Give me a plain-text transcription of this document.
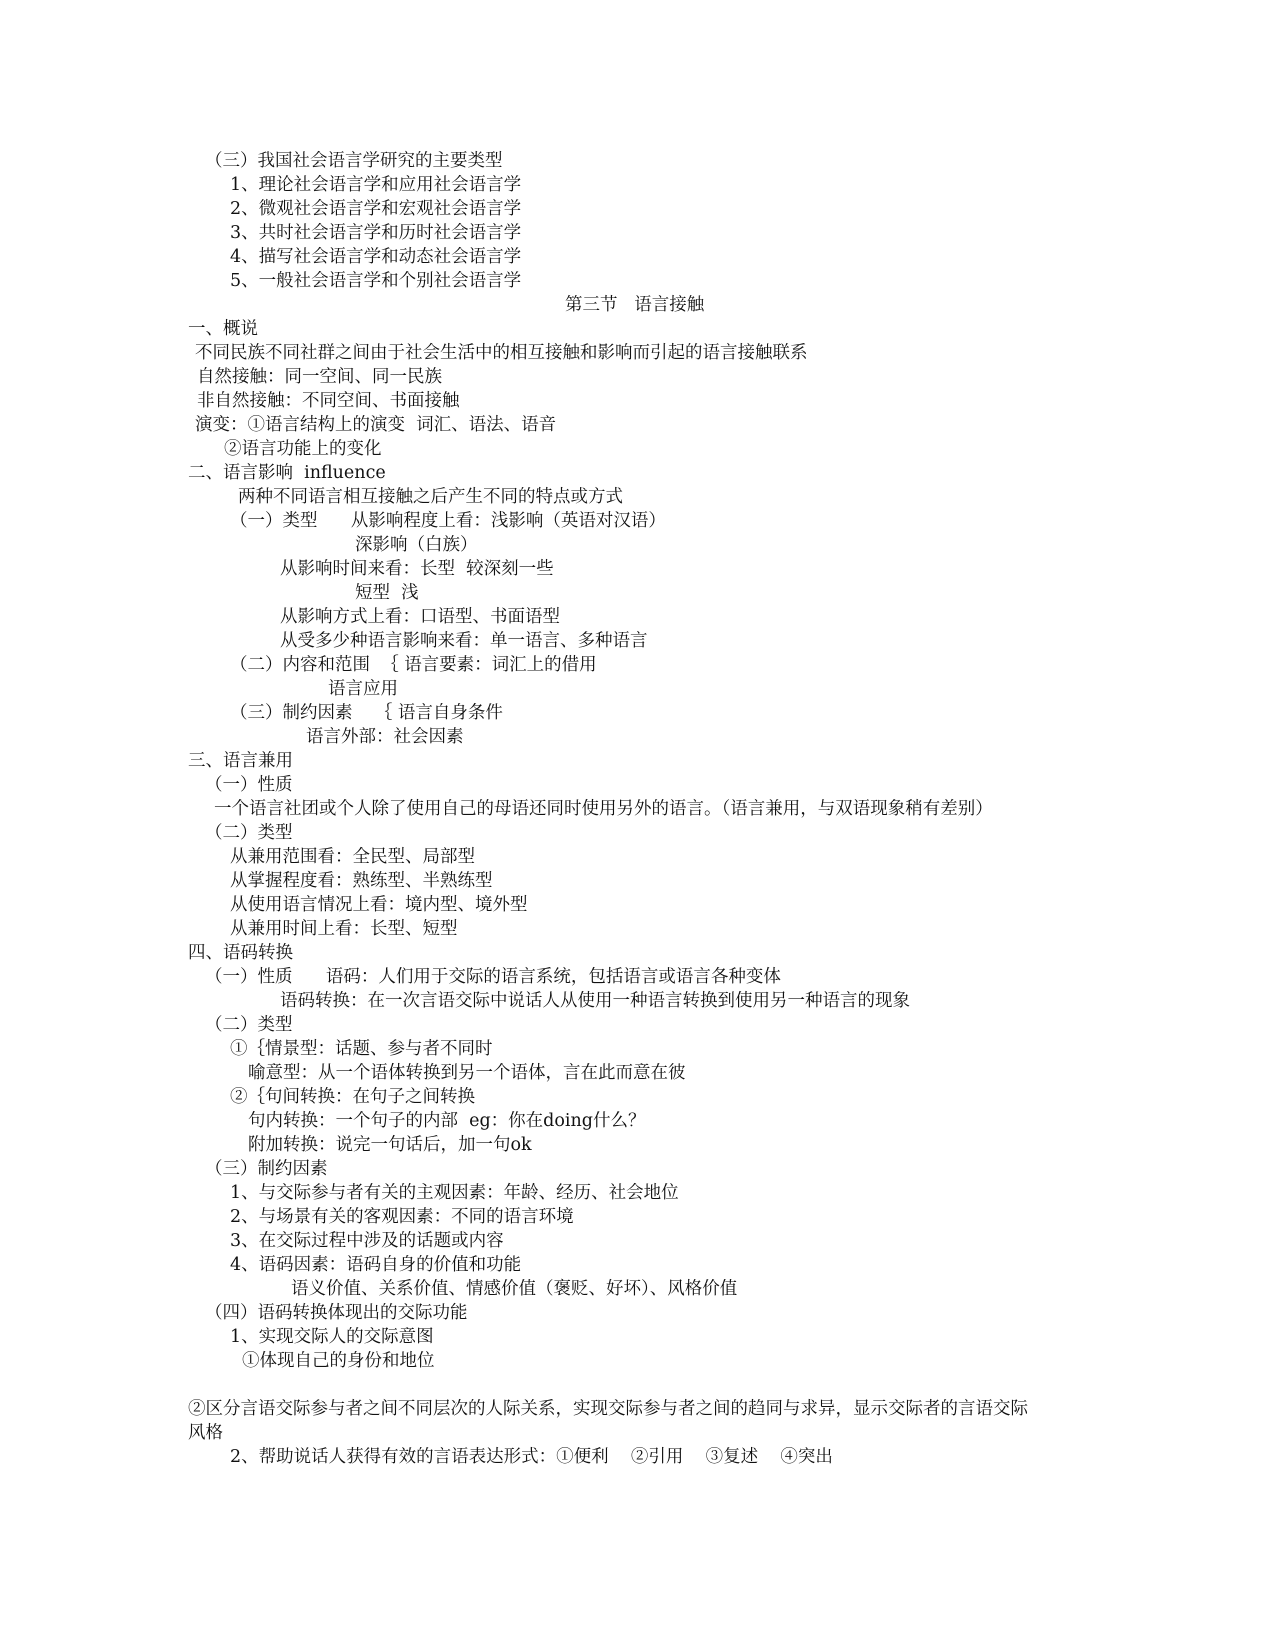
（三）我国社会语言学研究的主要类型
1、理论社会语言学和应用社会语言学
2、微观社会语言学和宏观社会语言学
3、共时社会语言学和历时社会语言学
4、描写社会语言学和动态社会语言学
5、一般社会语言学和个别社会语言学
第三节   语言接触
一、概说
不同民族不同社群之间由于社会生活中的相互接触和影响而引起的语言接触联系
自然接触：同一空间、同一民族
非自然接触：不同空间、书面接触
演变：①语言结构上的演变  词汇、语法、语音
②语言功能上的变化
二、语言影响  influence
两种不同语言相互接触之后产生不同的特点或方式
（一）类型      从影响程度上看：浅影响（英语对汉语）
深影响（白族）
从影响时间来看：长型  较深刻一些
短型  浅
从影响方式上看：口语型、书面语型
从受多少种语言影响来看：单一语言、多种语言
（二）内容和范围  ｛ 语言要素：词汇上的借用
语言应用
（三）制约因素    ｛ 语言自身条件
语言外部：社会因素
三、语言兼用
（一）性质
一个语言社团或个人除了使用自己的母语还同时使用另外的语言。（语言兼用，与双语现象稍有差别）
（二）类型
从兼用范围看：全民型、局部型
从掌握程度看：熟练型、半熟练型
从使用语言情况上看：境内型、境外型
从兼用时间上看：长型、短型
四、语码转换
（一）性质      语码：人们用于交际的语言系统，包括语言或语言各种变体
语码转换：在一次言语交际中说话人从使用一种语言转换到使用另一种语言的现象
（二）类型
①｛情景型：话题、参与者不同时
喻意型：从一个语体转换到另一个语体，言在此而意在彼
②｛句间转换：在句子之间转换
句内转换：一个句子的内部  eg：你在doing什么？
附加转换：说完一句话后，加一句ok
（三）制约因素
1、与交际参与者有关的主观因素：年龄、经历、社会地位
2、与场景有关的客观因素：不同的语言环境
3、在交际过程中涉及的话题或内容
4、语码因素：语码自身的价值和功能
语义价值、关系价值、情感价值（褒贬、好坏）、风格价值
（四）语码转换体现出的交际功能
1、实现交际人的交际意图
①体现自己的身份和地位
②区分言语交际参与者之间不同层次的人际关系，实现交际参与者之间的趋同与求异，显示交际者的言语交际
风格
2、帮助说话人获得有效的言语表达形式：①便利    ②引用    ③复述    ④突出
